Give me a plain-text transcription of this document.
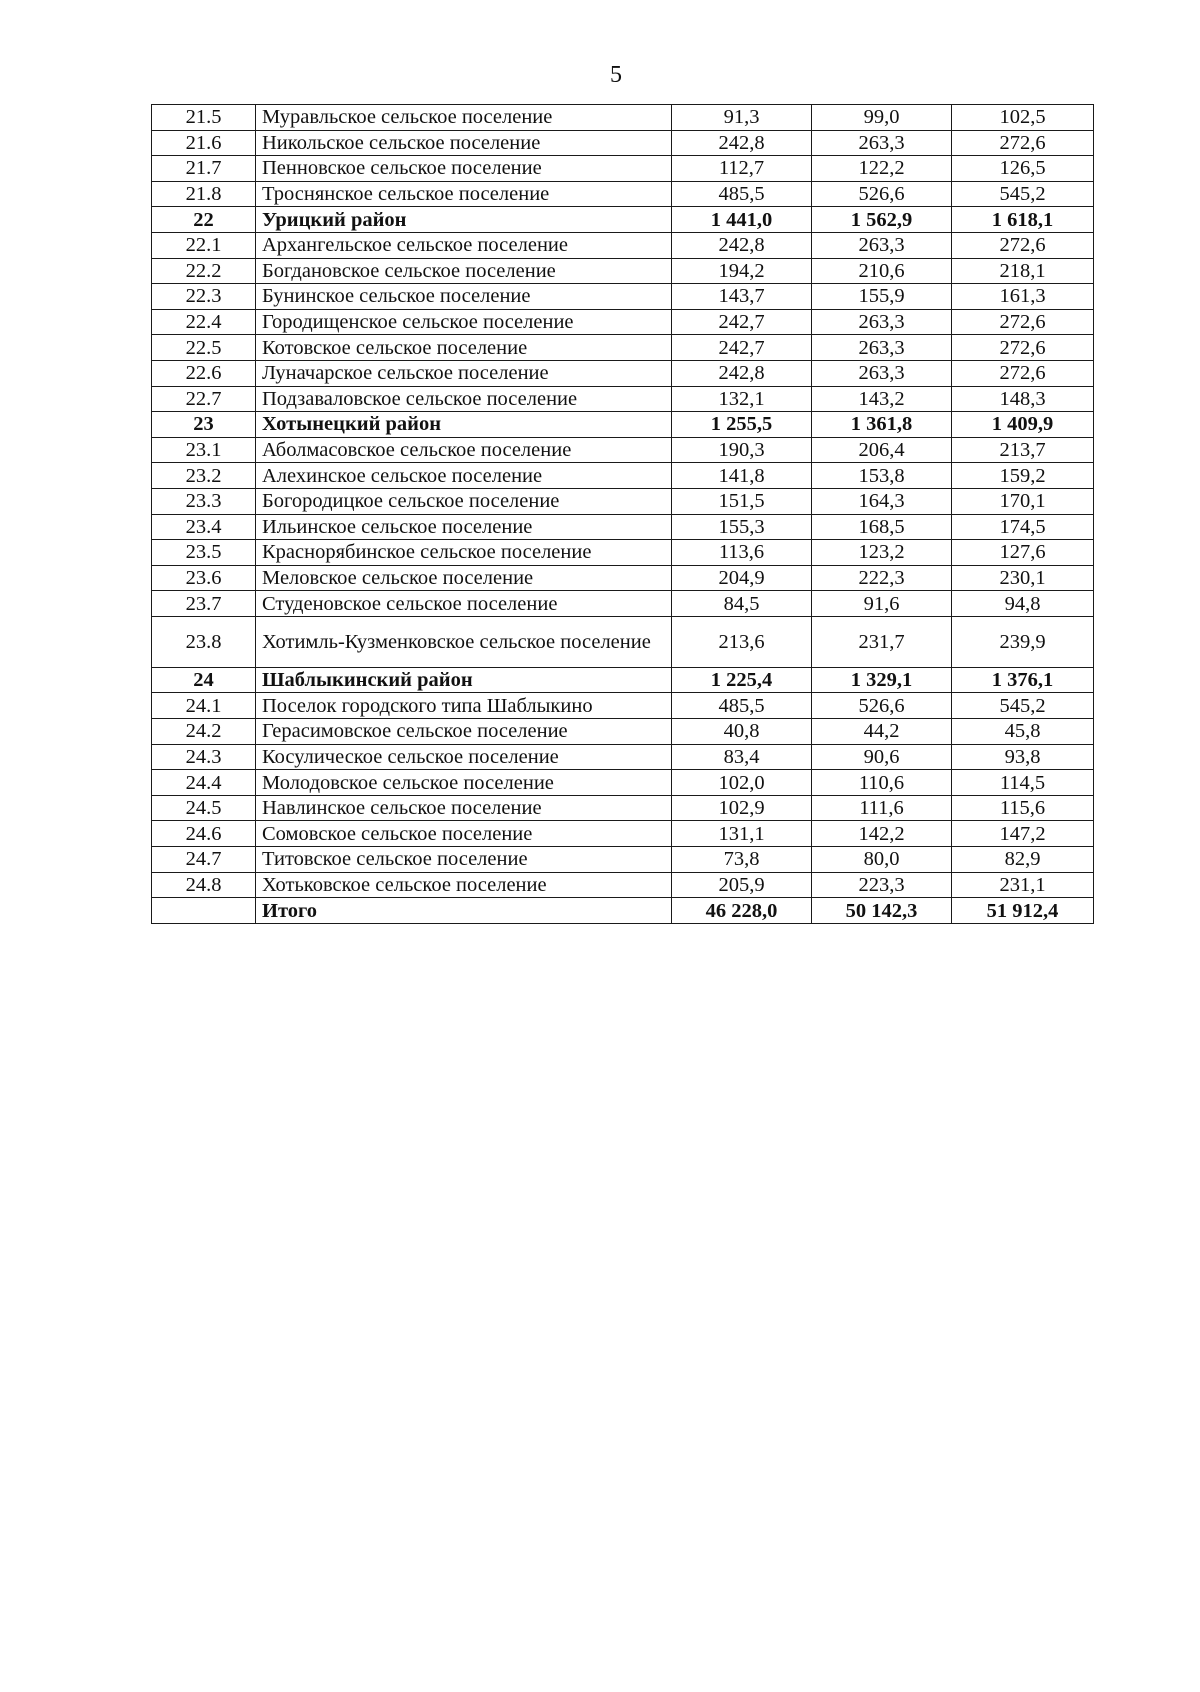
5
21.5	Муравльское сельское поселение	91,3	99,0	102,5
21.6	Никольское сельское поселение	242,8	263,3	272,6
21.7	Пенновское сельское поселение	112,7	122,2	126,5
21.8	Троснянское сельское поселение	485,5	526,6	545,2
22	Урицкий район	1 441,0	1 562,9	1 618,1
22.1	Архангельское сельское поселение	242,8	263,3	272,6
22.2	Богдановское сельское поселение	194,2	210,6	218,1
22.3	Бунинское сельское поселение	143,7	155,9	161,3
22.4	Городищенское сельское поселение	242,7	263,3	272,6
22.5	Котовское сельское поселение	242,7	263,3	272,6
22.6	Луначарское сельское поселение	242,8	263,3	272,6
22.7	Подзаваловское сельское поселение	132,1	143,2	148,3
23	Хотынецкий район	1 255,5	1 361,8	1 409,9
23.1	Аболмасовское сельское поселение	190,3	206,4	213,7
23.2	Алехинское сельское поселение	141,8	153,8	159,2
23.3	Богородицкое сельское поселение	151,5	164,3	170,1
23.4	Ильинское сельское поселение	155,3	168,5	174,5
23.5	Краснорябинское сельское поселение	113,6	123,2	127,6
23.6	Меловское сельское поселение	204,9	222,3	230,1
23.7	Студеновское сельское поселение	84,5	91,6	94,8
23.8	Хотимль-Кузменковское сельское поселение	213,6	231,7	239,9
24	Шаблыкинский район	1 225,4	1 329,1	1 376,1
24.1	Поселок городского типа Шаблыкино	485,5	526,6	545,2
24.2	Герасимовское сельское поселение	40,8	44,2	45,8
24.3	Косулическое сельское поселение	83,4	90,6	93,8
24.4	Молодовское сельское поселение	102,0	110,6	114,5
24.5	Навлинское сельское поселение	102,9	111,6	115,6
24.6	Сомовское сельское поселение	131,1	142,2	147,2
24.7	Титовское сельское поселение	73,8	80,0	82,9
24.8	Хотьковское сельское поселение	205,9	223,3	231,1
	Итого	46 228,0	50 142,3	51 912,4
